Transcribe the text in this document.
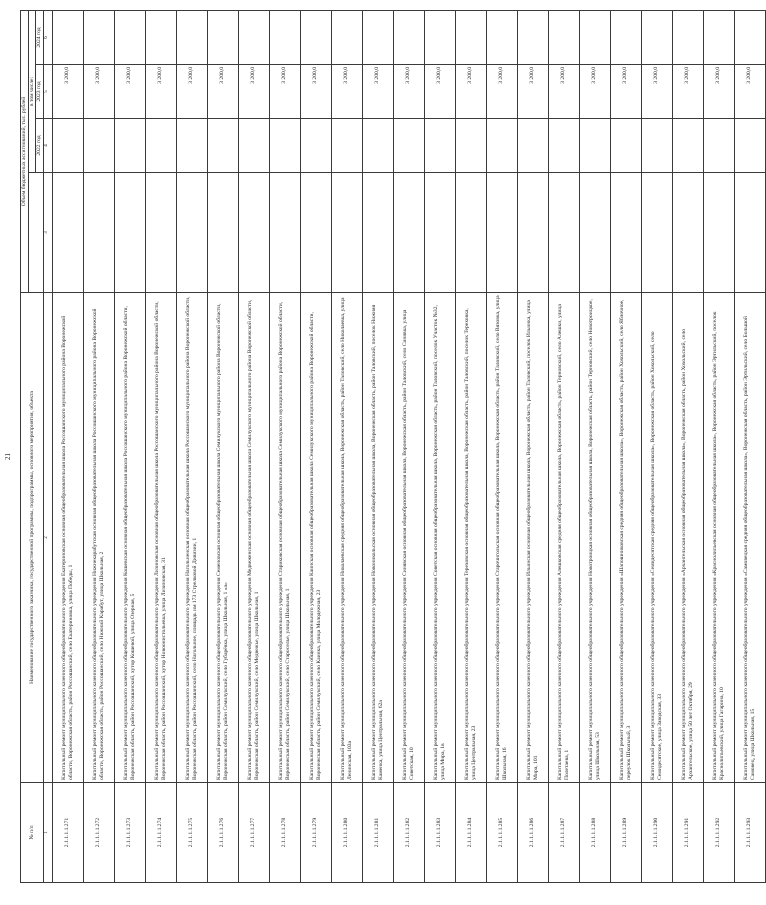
21
№ п/п	Наименование государственного заказчика, государственной программы, подпрограммы, основного мероприятия, объекта	Объем бюджетных ассигнований, тыс. рублей			
			в том числе:		
			2022 год	2023 год	2024 год
1	2	3	4	5	6
2.1.1.1.1.271	Капитальный ремонт муниципального казенного общеобразовательного учреждения Екатериновская основная общеобразовательная школа Россошанского муниципального района Воронежской области, Воронежская область, район Россошанский, село Екатериновка, улица Победы, 1			3 200,0	
2.1.1.1.1.272	Капитальный ремонт муниципального казенного общеобразовательного учреждения Нижнекарабутская основная общеобразовательная школа Россошанского муниципального района Воронежской области, Воронежская область, район Россошанский, село Нижний Карабут, улица Школьная, 2			3 200,0	
2.1.1.1.1.273	Капитальный ремонт муниципального казенного общеобразовательного учреждения Кошевская основная общеобразовательная школа Россошанского муниципального района Воронежской области, Воронежская область, район Россошанский, хутор Кошевой, улица Озерная, 5			3 200,0	
2.1.1.1.1.274	Капитальный ремонт муниципального казенного общеобразовательного учреждения Лизиновская основная общеобразовательная школа Россошанского муниципального района Воронежской области, Воронежская область, район Россошанский, хутор Новоонистольевка, улица Лизиновская, 31			3 200,0	
2.1.1.1.1.275	Капитальный ремонт муниципального казенного общеобразовательного учреждения Нагольненская основная общеобразовательная школа Россошанского муниципального района Воронежской области, Воронежская область, район Россошанский, село Нагольное, площадь им 173 Стрелковой Дивизии, 1			3 200,0	
2.1.1.1.1.276	Капитальный ремонт муниципального казенного общеобразовательного учреждения Семеновская основная общеобразовательная школа Семилукского муниципального района Воронежской области, Воронежская область, район Семилукский, село Губарёвка, улица Школьная, 1 «а»			3 200,0	
2.1.1.1.1.277	Капитальный ремонт муниципального казенного общеобразовательного учреждения Медвеженская основная общеобразовательная школа Семилукского муниципального района Воронежской области, Воронежская область, район Семилукский, село Медвежье, улица Школьная, 1			3 200,0	
2.1.1.1.1.278	Капитальный ремонт муниципального казенного общеобразовательного учреждения Стариковская основная общеобразовательная школа Семилукского муниципального района Воронежской области, Воронежская область, район Семилукский, село Староселье, улица Школьная, 1			3 200,0	
2.1.1.1.1.279	Капитальный ремонт муниципального казенного общеобразовательного учреждения Каинская основная общеобразовательная школа Семилукского муниципального района Воронежской области, Воронежская область, район Семилукский, село Каинка, улица Молодежная, 23			3 200,0	
2.1.1.1.1.280	Капитальный ремонт муниципального казенного общеобразовательного учреждения Николаевская средняя общеобразовательная школа, Воронежская область, район Таловский, село Николаевка, улица Ленинская, 103а			3 200,0	
2.1.1.1.1.281	Капитальный ремонт муниципального казенного общеобразовательного учреждения Новоникольская основная общеобразовательная школа, Воронежская область, район Таловский, поселок Нижняя Каменка, улица Центральная, 62а			3 200,0	
2.1.1.1.1.282	Капитальный ремонт муниципального казенного общеобразовательного учреждения Синявская основная общеобразовательная школа, Воронежская область, район Таловский, село Синявка, улица Советская, 10			3 200,0	
2.1.1.1.1.283	Капитальный ремонт муниципального казенного общеобразовательного учреждения Советская основная общеобразовательная школа, Воронежская область, район Таловский, поселок Участок №32, улица Мира, 1в			3 200,0	
2.1.1.1.1.284	Капитальный ремонт муниципального казенного общеобразовательного учреждения Тереховская основная общеобразовательная школа, Воронежская область, район Таловский, поселок Тереховка, улица Центральная, 23			3 200,0	
2.1.1.1.1.285	Капитальный ремонт муниципального казенного общеобразовательного учреждения Старочигольская основная общеобразовательная школа, Воронежская область, район Таловский, село Вязовка, улица Школьная, 16			3 200,0	
2.1.1.1.1.286	Капитальный ремонт муниципального казенного общеобразовательного учреждения Ильинская основная общеобразовательная школа, Воронежская область, район Таловский, поселок Ильинка, улица Мира, 101			3 200,0	
2.1.1.1.1.287	Капитальный ремонт муниципального казенного общеобразовательного учреждения Алешковская средняя общеобразовательная школа, Воронежская область, район Терновский, село Алешки, улица Полетаева, 1			3 200,0	
2.1.1.1.1.288	Капитальный ремонт муниципального казенного общеобразовательного учреждения Новотроицкая основная общеобразовательная школа, Воронежская область, район Терновский, село Новотроицкое, улица Школьная, 53			3 200,0	
2.1.1.1.1.289	Капитальный ремонт муниципального казенного общеобразовательного учреждения «Шапошниковская средняя общеобразовательная школа», Воронежская область, район Хохольский, село Яблочное, переулок Школьный, 3			3 200,0	
2.1.1.1.1.290	Капитальный ремонт муниципального казенного общеобразовательного учреждения «Семидесятская средняя общеобразовательная школа», Воронежская область, район Хохольский, село Семидесятское, улица Заводская, 33			3 200,0	
2.1.1.1.1.291	Капитальный ремонт муниципального казенного общеобразовательного учреждения «Архангельская основная общеобразовательная школа», Воронежская область, район Хохольский, село Архангельское, улица 50 лет Октября, 29			3 200,0	
2.1.1.1.1.292	Капитальный ремонт муниципального казенного общеобразовательного учреждения «Краснолипьевская основная общеобразовательная школа», Воронежская область, район Эртильский, поселок Краснолипьевский, улица Гагарина, 10			3 200,0	
2.1.1.1.1.293	Капитальный ремонт муниципального казенного общеобразовательного учреждения «Самовецкая средняя общеобразовательная школа», Воронежская область, район Эртильский, село Большой Самовец, улица Школьная, 15			3 200,0	
